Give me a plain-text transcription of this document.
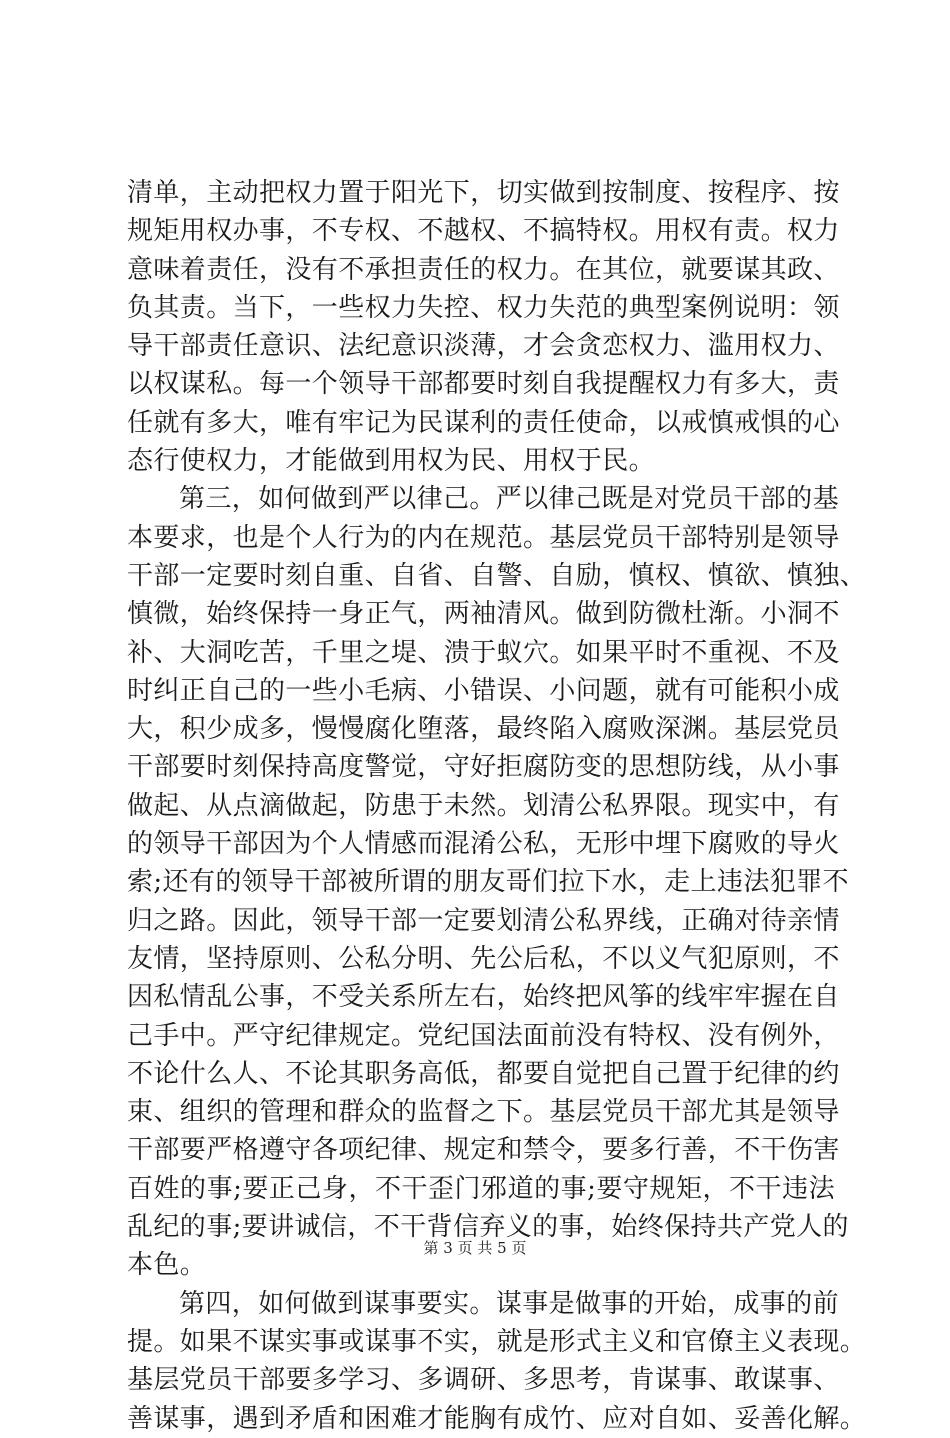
清单，主动把权力置于阳光下，切实做到按制度、按程序、按
规矩用权办事，不专权、不越权、不搞特权。用权有责。权力
意味着责任，没有不承担责任的权力。在其位，就要谋其政、
负其责。当下，一些权力失控、权力失范的典型案例说明：领
导干部责任意识、法纪意识淡薄，才会贪恋权力、滥用权力、
以权谋私。每一个领导干部都要时刻自我提醒权力有多大，责
任就有多大，唯有牢记为民谋利的责任使命，以戒慎戒惧的心
态行使权力，才能做到用权为民、用权于民。
第三，如何做到严以律己。严以律己既是对党员干部的基
本要求，也是个人行为的内在规范。基层党员干部特别是领导
干部一定要时刻自重、自省、自警、自励，慎权、慎欲、慎独、
慎微，始终保持一身正气，两袖清风。做到防微杜渐。小洞不
补、大洞吃苦，千里之堤、溃于蚁穴。如果平时不重视、不及
时纠正自己的一些小毛病、小错误、小问题，就有可能积小成
大，积少成多，慢慢腐化堕落，最终陷入腐败深渊。基层党员
干部要时刻保持高度警觉，守好拒腐防变的思想防线，从小事
做起、从点滴做起，防患于未然。划清公私界限。现实中，有
的领导干部因为个人情感而混淆公私，无形中埋下腐败的导火
索;还有的领导干部被所谓的朋友哥们拉下水，走上违法犯罪不
归之路。因此，领导干部一定要划清公私界线，正确对待亲情
友情，坚持原则、公私分明、先公后私，不以义气犯原则，不
因私情乱公事，不受关系所左右，始终把风筝的线牢牢握在自
己手中。严守纪律规定。党纪国法面前没有特权、没有例外，
不论什么人、不论其职务高低，都要自觉把自己置于纪律的约
束、组织的管理和群众的监督之下。基层党员干部尤其是领导
干部要严格遵守各项纪律、规定和禁令，要多行善，不干伤害
百姓的事;要正己身，不干歪门邪道的事;要守规矩，不干违法
乱纪的事;要讲诚信，不干背信弃义的事，始终保持共产党人的
本色。
第四，如何做到谋事要实。谋事是做事的开始，成事的前
提。如果不谋实事或谋事不实，就是形式主义和官僚主义表现。
基层党员干部要多学习、多调研、多思考，肯谋事、敢谋事、
善谋事，遇到矛盾和困难才能胸有成竹、应对自如、妥善化解。
第 3 页 共 5 页
